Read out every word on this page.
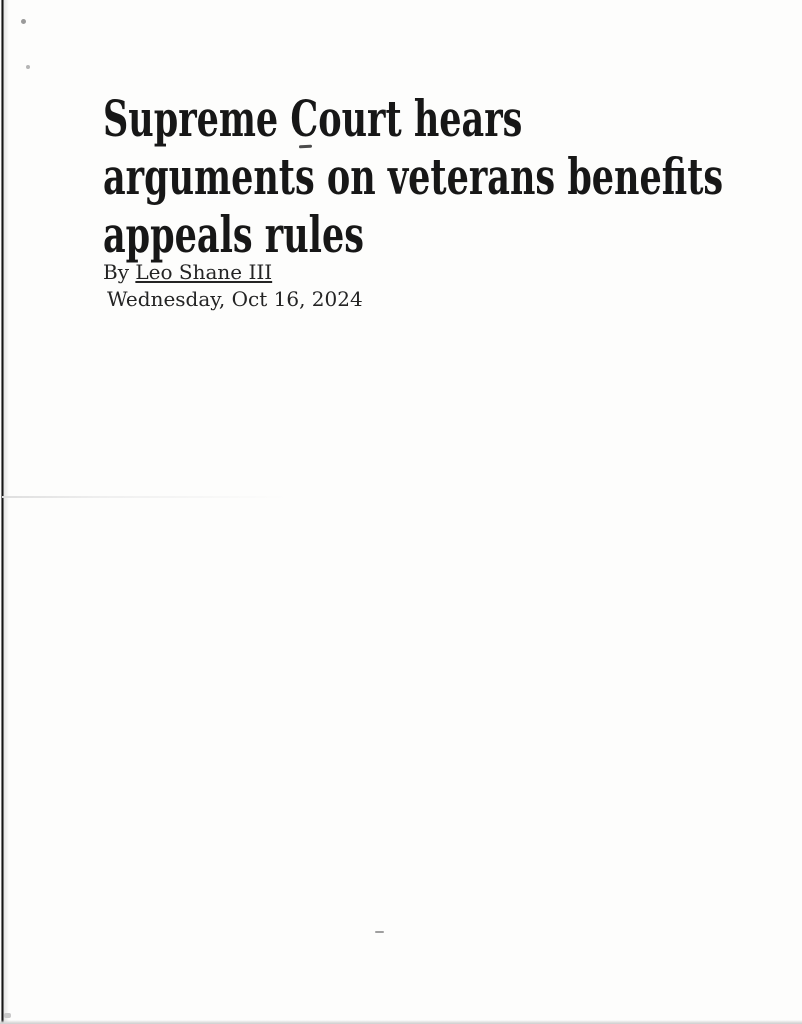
Supreme Court hears
arguments on veterans benefits
appeals rules
By Leo Shane III
Wednesday, Oct 16, 2024
